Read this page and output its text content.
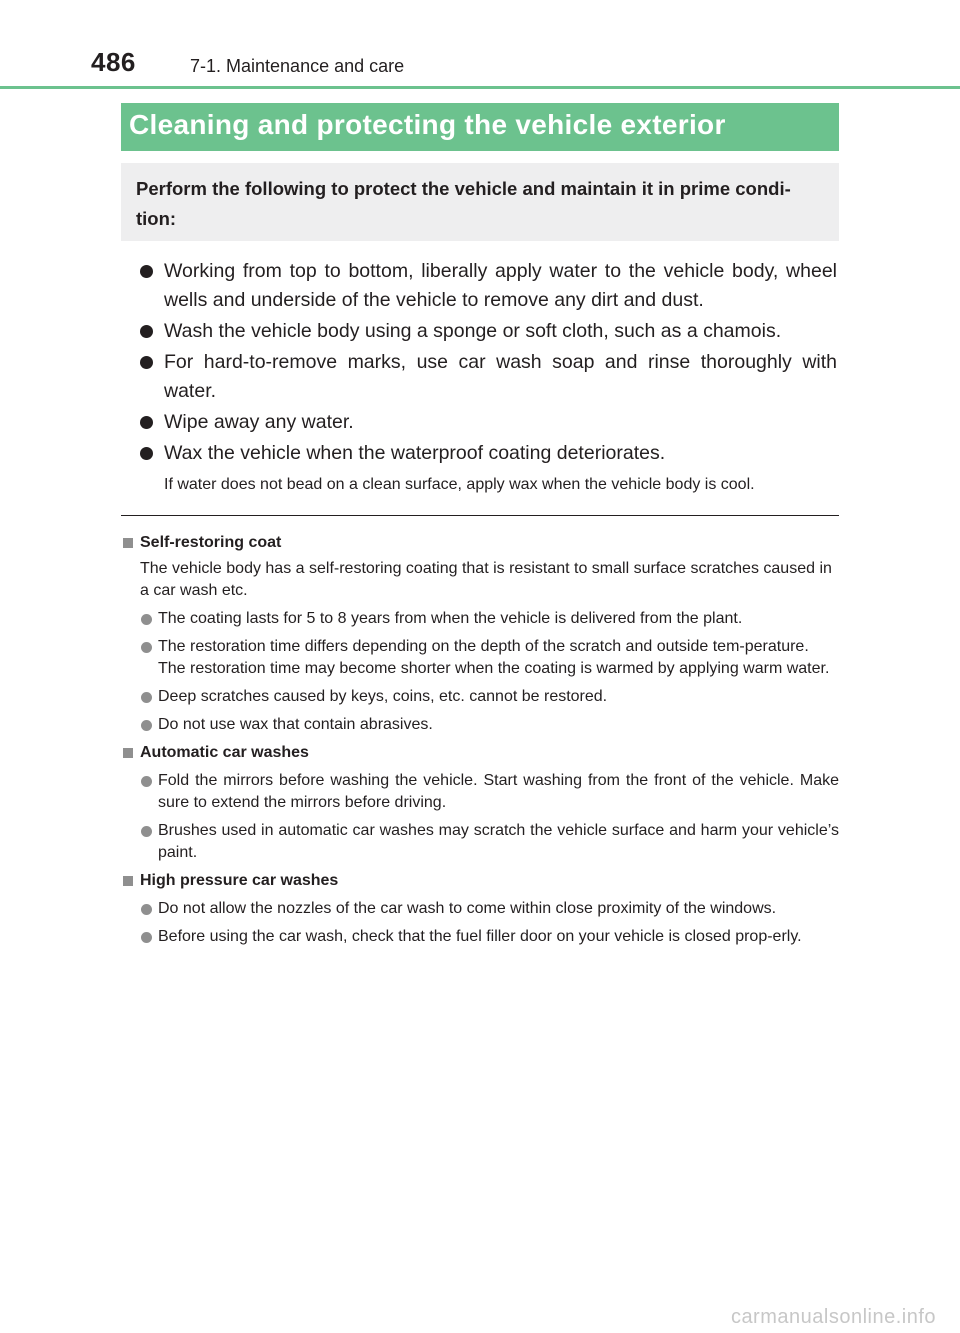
486	7-1. Maintenance and care
Cleaning and protecting the vehicle exterior

Perform the following to protect the vehicle and maintain it in prime condi-tion:

Working from top to bottom, liberally apply water to the vehicle body, wheel wells and underside of the vehicle to remove any dirt and dust.
Wash the vehicle body using a sponge or soft cloth, such as a chamois.
For hard-to-remove marks, use car wash soap and rinse thoroughly with water.
Wipe away any water.
Wax the vehicle when the waterproof coating deteriorates.
If water does not bead on a clean surface, apply wax when the vehicle body is cool.
Self-restoring coat
The vehicle body has a self-restoring coating that is resistant to small surface scratches caused in a car wash etc.
The coating lasts for 5 to 8 years from when the vehicle is delivered from the plant.
The restoration time differs depending on the depth of the scratch and outside tem-perature.
The restoration time may become shorter when the coating is warmed by applying warm water.
Deep scratches caused by keys, coins, etc. cannot be restored.
Do not use wax that contain abrasives.
Automatic car washes
Fold the mirrors before washing the vehicle. Start washing from the front of the vehicle. Make sure to extend the mirrors before driving.
Brushes used in automatic car washes may scratch the vehicle surface and harm your vehicle’s paint.
High pressure car washes
Do not allow the nozzles of the car wash to come within close proximity of the windows.
Before using the car wash, check that the fuel filler door on your vehicle is closed prop-erly.
carmanualsonline.info
